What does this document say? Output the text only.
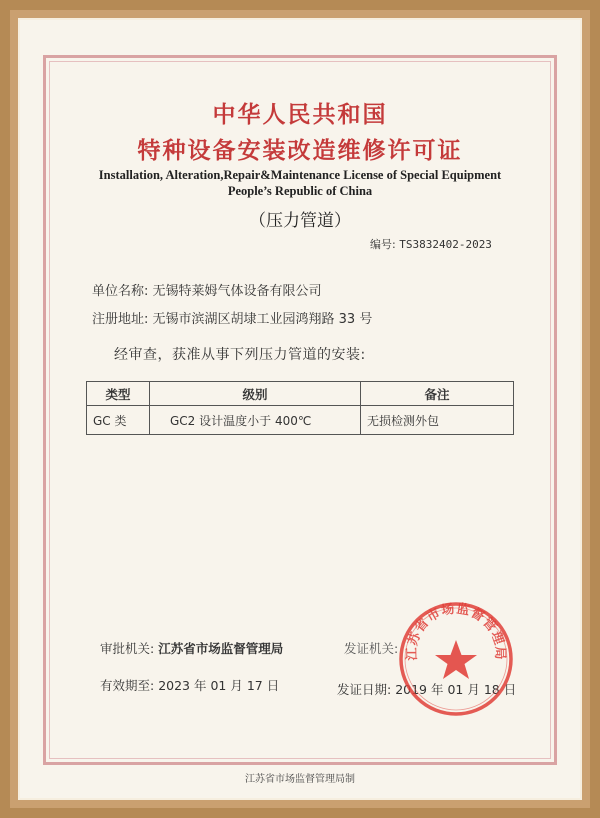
中华人民共和国
特种设备安装改造维修许可证
Installation, Alteration,Repair&Maintenance License of Special Equipment
People’s Republic of China
（压力管道）
编号: TS3832402-2023
单位名称: 无锡特莱姆气体设备有限公司
注册地址: 无锡市滨湖区胡埭工业园鸿翔路 33 号
经审查，获准从事下列压力管道的安装:
类型	级别	备注
GC 类	GC2 设计温度小于 400℃	无损检测外包
审批机关: 江苏省市场监督管理局	发证机关:
有效期至: 2023 年 01 月 17 日	发证日期: 2019 年 01 月 18 日
江苏省市场监督管理局
江苏省市场监督管理局制
